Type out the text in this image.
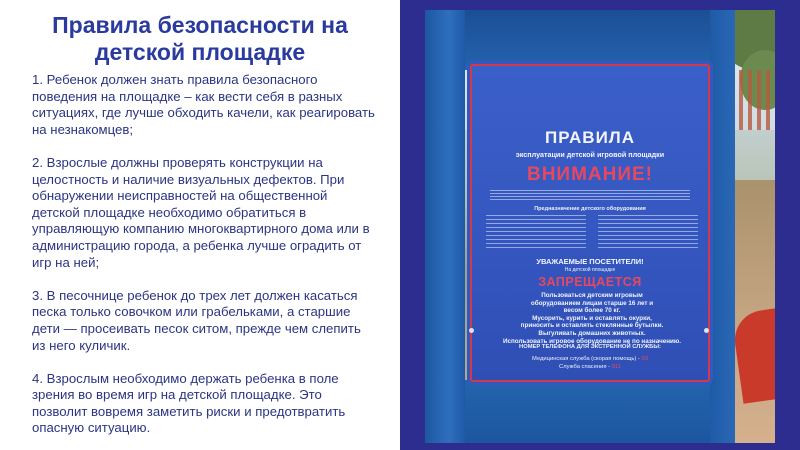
Правила безопасности на детской площадке

1. Ребенок должен знать правила безопасного поведения на площадке – как вести себя в разных ситуациях, где лучше обходить качели, как реагировать на незнакомцев;

2. Взрослые должны проверять конструкции на целостность и наличие визуальных дефектов. При обнаружении неисправностей на общественной детской площадке необходимо обратиться в управляющую компанию многоквартирного дома или в администрацию города, а ребенка лучше оградить от игр на ней;

3. В песочнице ребенок до трех лет должен касаться песка только совочком или грабельками, а старшие дети — просеивать песок ситом, прежде чем слепить из него куличик.

4. Взрослым необходимо держать ребенка в поле зрения во время игр на детской площадке. Это позволит вовремя заметить риски и предотвратить опасную ситуацию.

ПРАВИЛА
эксплуатации детской игровой площадки
ВНИМАНИЕ!
Предназначение детского оборудования
УВАЖАЕМЫЕ ПОСЕТИТЕЛИ!
На детской площадке
ЗАПРЕЩАЕТСЯ
Пользоваться детским игровым
оборудованием лицам старше 16 лет и
весом более 70 кг.
Мусорить, курить и оставлять окурки,
приносить и оставлять стеклянные бутылки.
Выгуливать домашних животных.
Использовать игровое оборудование не по назначению.
НОМЕР ТЕЛЕФОНА ДЛЯ ЭКСТРЕННОЙ СЛУЖБЫ:
Медицинская служба (скорая помощь) - 03
Служба спасения - 911
